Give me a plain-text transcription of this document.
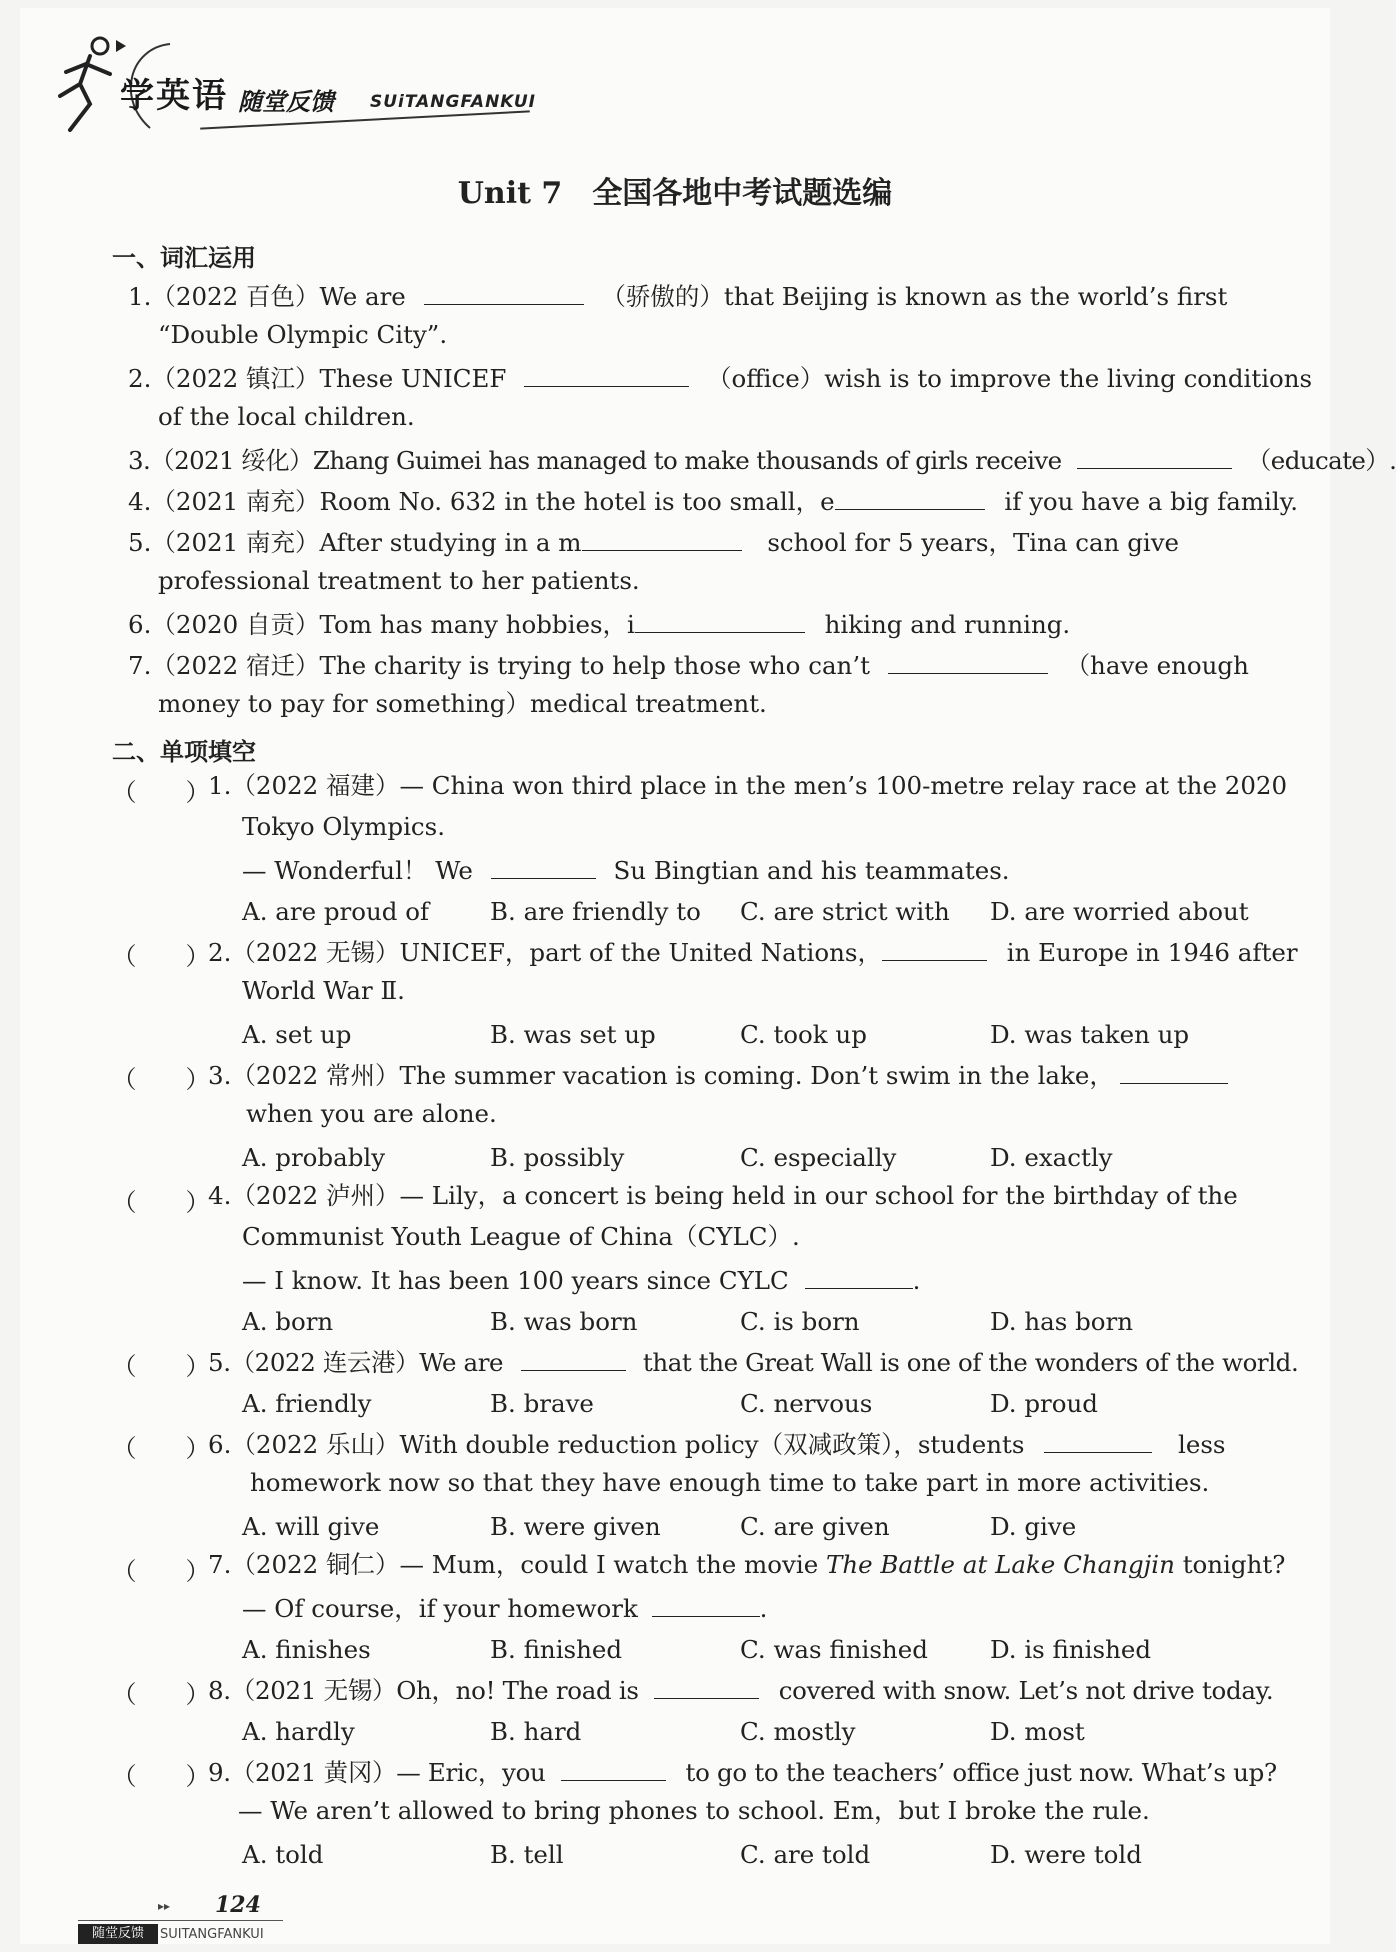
学英语 随堂反馈 SUiTANGFANKUI
Unit 7　全国各地中考试题选编
一、词汇运用
1.（2022 百色）We are	（骄傲的）that Beijing is known as the world’s first
“Double Olympic City”.
2.（2022 镇江）These UNICEF	（office）wish is to improve the living conditions
of the local children.
3.（2021 绥化）Zhang Guimei has managed to make thousands of girls receive	（educate）.
4.（2021 南充）Room No. 632 in the hotel is too small，e	if you have a big family.
5.（2021 南充）After studying in a m	school for 5 years，Tina can give
professional treatment to her patients.
6.（2020 自贡）Tom has many hobbies，i	hiking and running.
7.（2022 宿迁）The charity is trying to help those who can’t	（have enough
money to pay for something）medical treatment.
二、单项填空
（　　）
1.（2022 福建）— China won third place in the men’s 100-metre relay race at the 2020
Tokyo Olympics.
— Wonderful！ We	Su Bingtian and his teammates.
A. are proud of B. are friendly to C. are strict with D. are worried about
（　　）
2.（2022 无锡）UNICEF，part of the United Nations，	in Europe in 1946 after
World War Ⅱ.
A. set up	B. was set up	C. took up	D. was taken up
（　　）
3.（2022 常州）The summer vacation is coming. Don’t swim in the lake，
when you are alone.
A. probably	B. possibly	C. especially	D. exactly
（　　）
4.（2022 泸州）— Lily，a concert is being held in our school for the birthday of the
Communist Youth League of China（CYLC）.
— I know. It has been 100 years since CYLC	.
A. born	B. was born	C. is born	D. has born
（　　）
5.（2022 连云港）We are	that the Great Wall is one of the wonders of the world.
A. friendly	B. brave	C. nervous	D. proud
（　　）
6.（2022 乐山）With double reduction policy（双减政策），students	less
homework now so that they have enough time to take part in more activities.
A. will give	B. were given	C. are given	D. give
（　　）
7.（2022 铜仁）— Mum，could I watch the movie The Battle at Lake Changjin tonight?
— Of course，if your homework	.
A. finishes	B. finished	C. was finished	D. is finished
（　　）
8.（2021 无锡）Oh，no! The road is	covered with snow. Let’s not drive today.
A. hardly	B. hard	C. mostly	D. most
（　　）
9.（2021 黄冈）— Eric，you	to go to the teachers’ office just now. What’s up?
— We aren’t allowed to bring phones to school. Em，but I broke the rule.
A. told	B. tell	C. are told	D. were told
▸▸ 124
随堂反馈	SUITANGFANKUI
